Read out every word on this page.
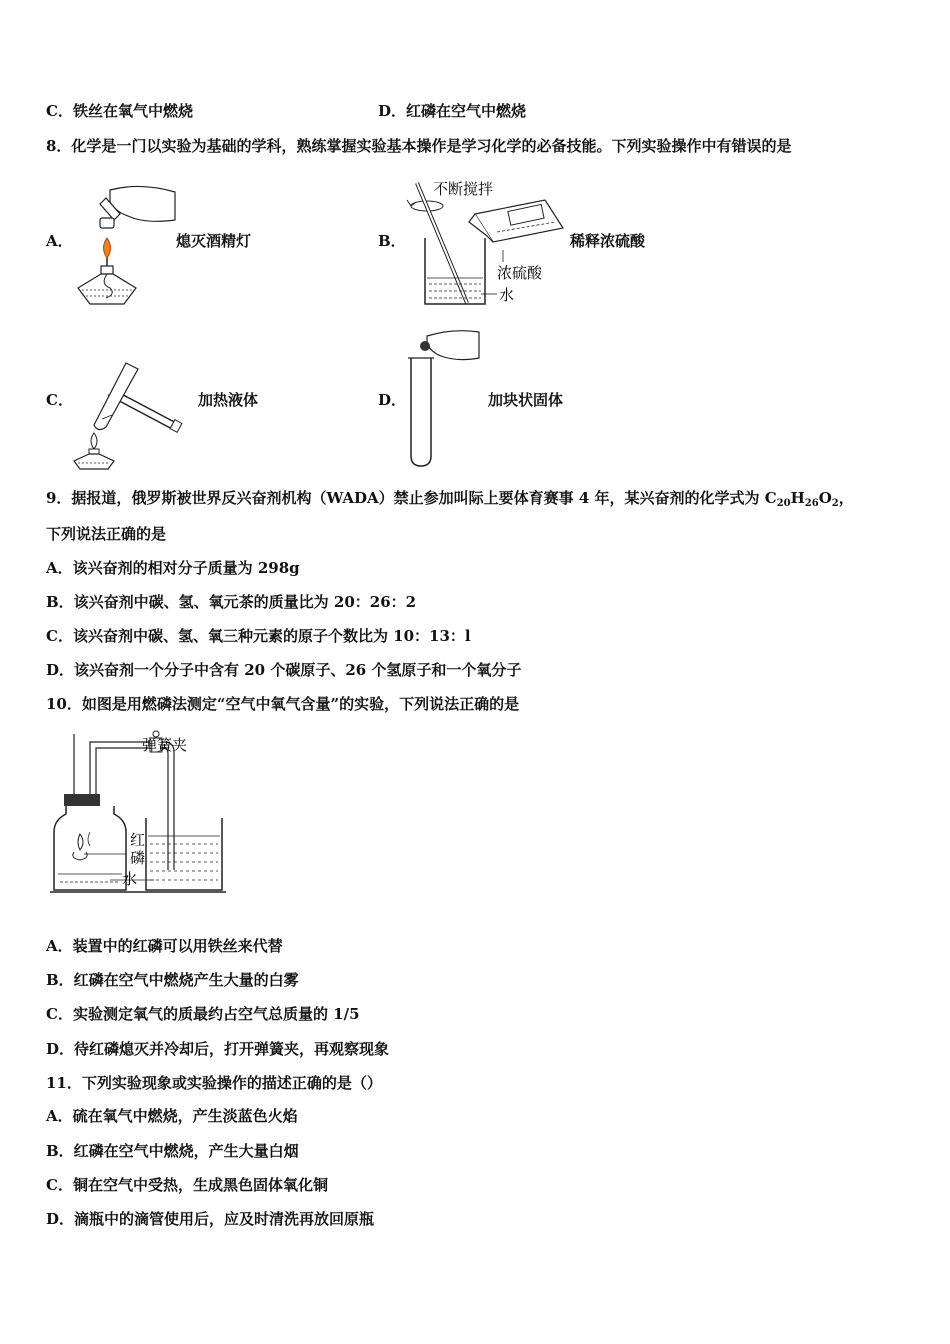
C．铁丝在氧气中燃烧	D．红磷在空气中燃烧
8．化学是一门以实验为基础的学科，熟练掌握实验基本操作是学习化学的必备技能。下列实验操作中有错误的是
A．	熄灭酒精灯	B．
不断搅拌
浓硫酸
水
稀释浓硫酸
C．	加热液体	D．	加块状固体
9．据报道，俄罗斯被世界反兴奋剂机构（WADA）禁止参加叫际上要体育赛事 4 年，某兴奋剂的化学式为 $C_{20}H_{26}O_2$，
下列说法正确的是
A．该兴奋剂的相对分子质量为 298g
B．该兴奋剂中碳、氢、氧元茶的质量比为 20：26：2
C．该兴奋剂中碳、氢、氧三种元素的原子个数比为 10：13：l
D．该兴奋剂一个分子中含有 20 个碳原子、26 个氢原子和一个氧分子
10．如图是用燃磷法测定“空气中氧气含量”的实验，下列说法正确的是
弹簧夹
红
磷
水
A．装置中的红磷可以用铁丝来代替
B．红磷在空气中燃烧产生大量的白雾
C．实验测定氧气的质最约占空气总质量的 1/5
D．待红磷熄灭并冷却后，打开弹簧夹，再观察现象
11．下列实验现象或实验操作的描述正确的是（）
A．硫在氧气中燃烧，产生淡蓝色火焰
B．红磷在空气中燃烧，产生大量白烟
C．铜在空气中受热，生成黑色固体氧化铜
D．滴瓶中的滴管使用后，应及时清洗再放回原瓶
